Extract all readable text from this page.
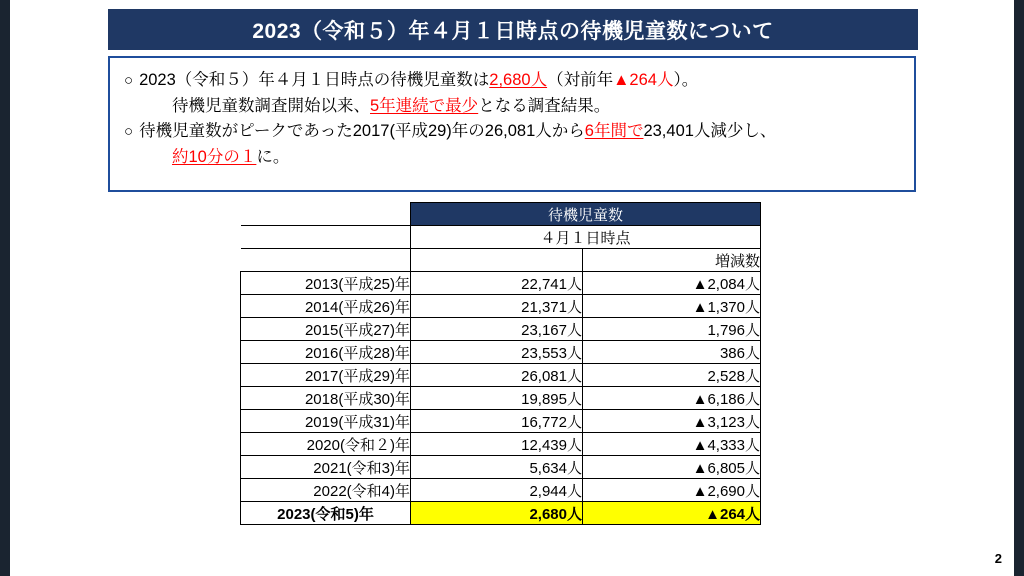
2023（令和５）年４月１日時点の待機児童数について
○ 2023（令和５）年４月１日時点の待機児童数は2,680人（対前年▲264人）。
待機児童数調査開始以来、5年連続で最少となる調査結果。
○ 待機児童数がピークであった2017(平成29)年の26,081人から6年間で23,401人減少し、
約10分の１に。
	待機児童数	
	４月１日時点	
		増減数
2013(平成25)年	22,741人	▲2,084人
2014(平成26)年	21,371人	▲1,370人
2015(平成27)年	23,167人	1,796人
2016(平成28)年	23,553人	386人
2017(平成29)年	26,081人	2,528人
2018(平成30)年	19,895人	▲6,186人
2019(平成31)年	16,772人	▲3,123人
2020(令和２)年	12,439人	▲4,333人
2021(令和3)年	5,634人	▲6,805人
2022(令和4)年	2,944人	▲2,690人
2023(令和5)年	2,680人	▲264人
2
